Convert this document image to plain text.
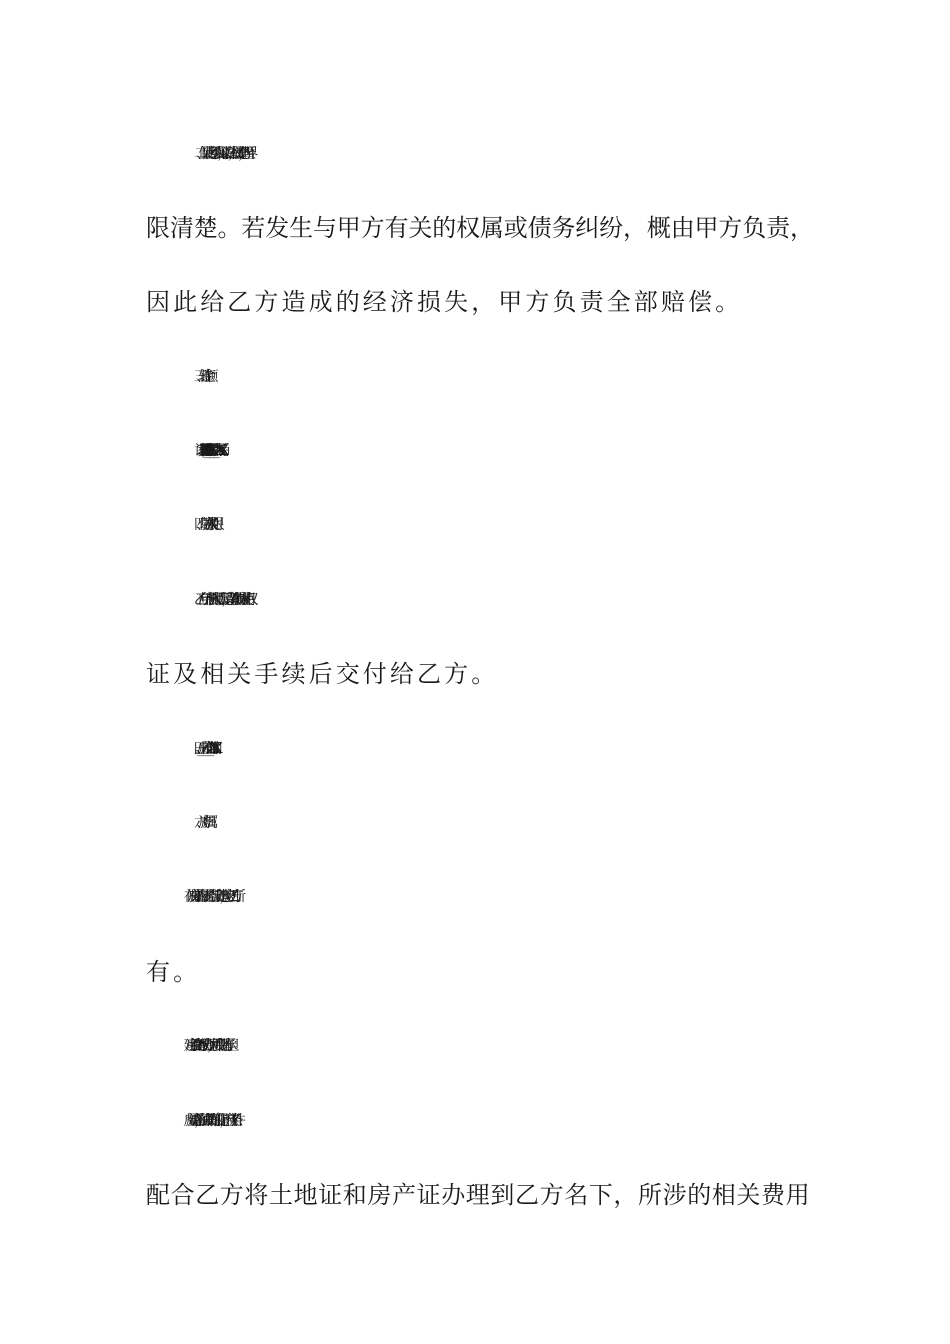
二、保证此房屋手续真实，来源合法，权属清楚，四至界
限清楚。若发生与甲方有关的权属或债务纠纷，概由甲方负责，
因此给乙方造成的经济损失，甲方负责全部赔偿。
三、转让金额
该宗地的转让价格为人民币XXX___元，大写：XXXXXX元整。
四、付款方式及期限
乙方向甲方预付人民币贰万元，剩余款在取得房屋使用权
证及相关手续后交付给乙方。
五、房屋交付时间：XXX___日。
六、房产归属
1.在该房屋上的房屋由乙方自行出资建造，房产归乙方所
有。
2.建房手续由甲方配合办理，所涉费用由乙方承担。
3.房屋建成后，在法律政策许可的前提下，甲方应无条件
配合乙方将土地证和房产证办理到乙方名下，所涉的相关费用
